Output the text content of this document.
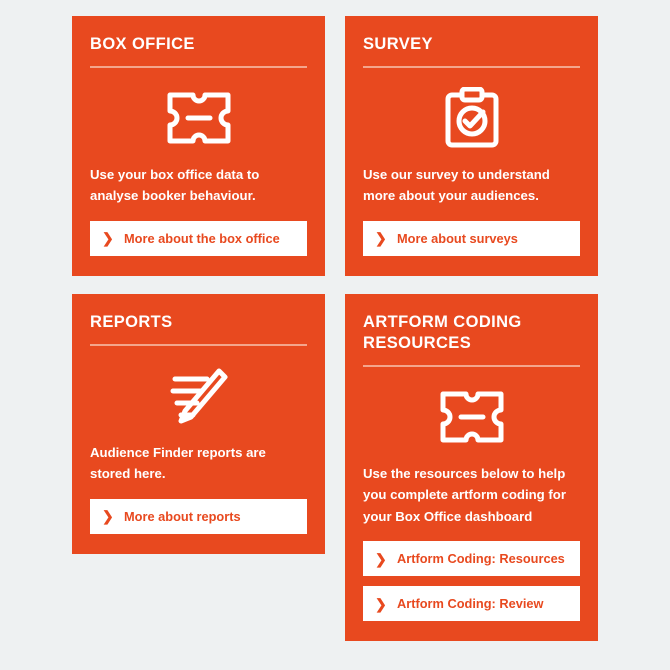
BOX OFFICE
Use your box office data to analyse booker behaviour.
❯ More about the box office
SURVEY
Use our survey to understand more about your audiences.
❯ More about surveys
REPORTS
Audience Finder reports are stored here.
❯ More about reports
ARTFORM CODING RESOURCES
Use the resources below to help you complete artform coding for your Box Office dashboard
❯ Artform Coding: Resources
❯ Artform Coding: Review
